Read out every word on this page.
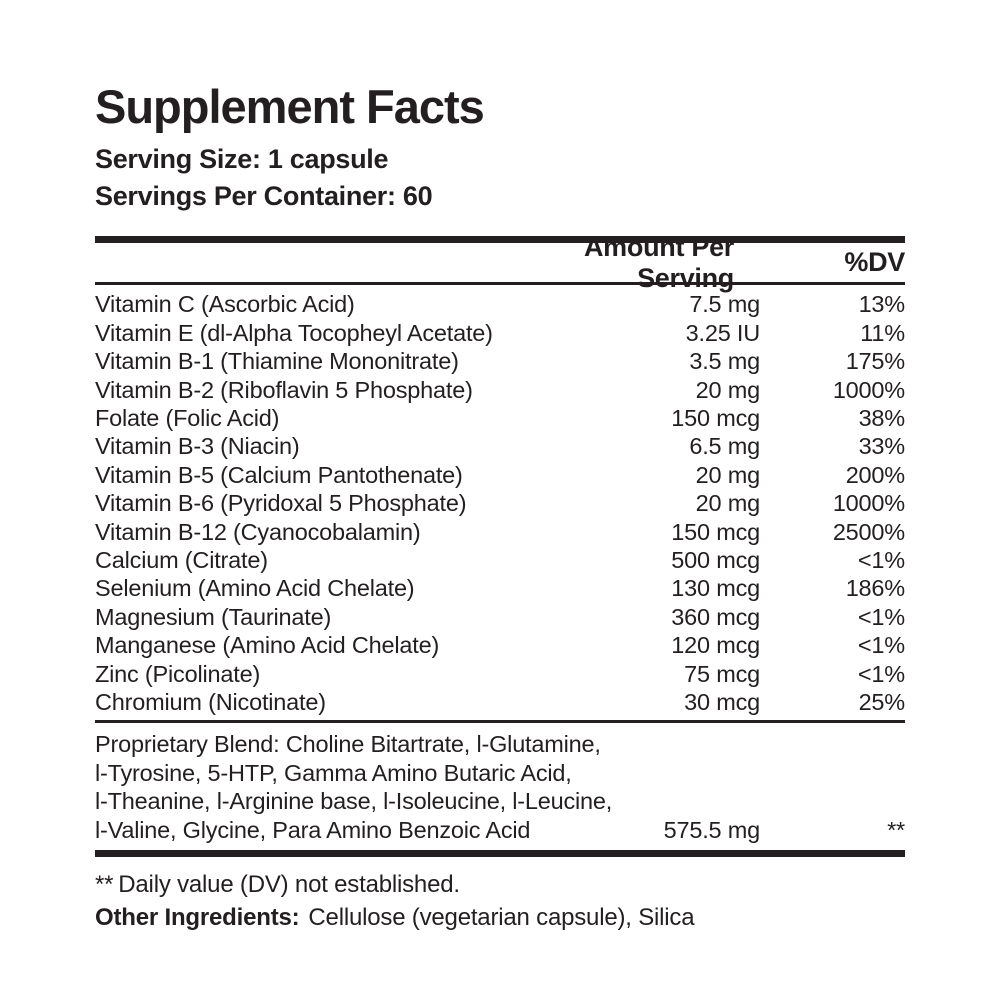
Supplement Facts
Serving Size: 1 capsule
Servings Per Container: 60
Amount Per Serving
%DV
Vitamin C (Ascorbic Acid)	7.5 mg	13%
Vitamin E (dl-Alpha Tocopheyl Acetate)	3.25 IU	11%
Vitamin B-1 (Thiamine Mononitrate)	3.5 mg	175%
Vitamin B-2 (Riboflavin 5 Phosphate)	20 mg	1000%
Folate (Folic Acid)	150 mcg	38%
Vitamin B-3 (Niacin)	6.5 mg	33%
Vitamin B-5 (Calcium Pantothenate)	20 mg	200%
Vitamin B-6 (Pyridoxal 5 Phosphate)	20 mg	1000%
Vitamin B-12 (Cyanocobalamin)	150 mcg	2500%
Calcium (Citrate)	500 mcg	<1%
Selenium (Amino Acid Chelate)	130 mcg	186%
Magnesium (Taurinate)	360 mcg	<1%
Manganese (Amino Acid Chelate)	120 mcg	<1%
Zinc (Picolinate)	75 mcg	<1%
Chromium (Nicotinate)	30 mcg	25%
Proprietary Blend: Choline Bitartrate, l-Glutamine,
l-Tyrosine, 5-HTP, Gamma Amino Butaric Acid,
l-Theanine, l-Arginine base, l-Isoleucine, l-Leucine,
l-Valine, Glycine, Para Amino Benzoic Acid	575.5 mg	**
** Daily value (DV) not established.
Other Ingredients: Cellulose (vegetarian capsule), Silica
